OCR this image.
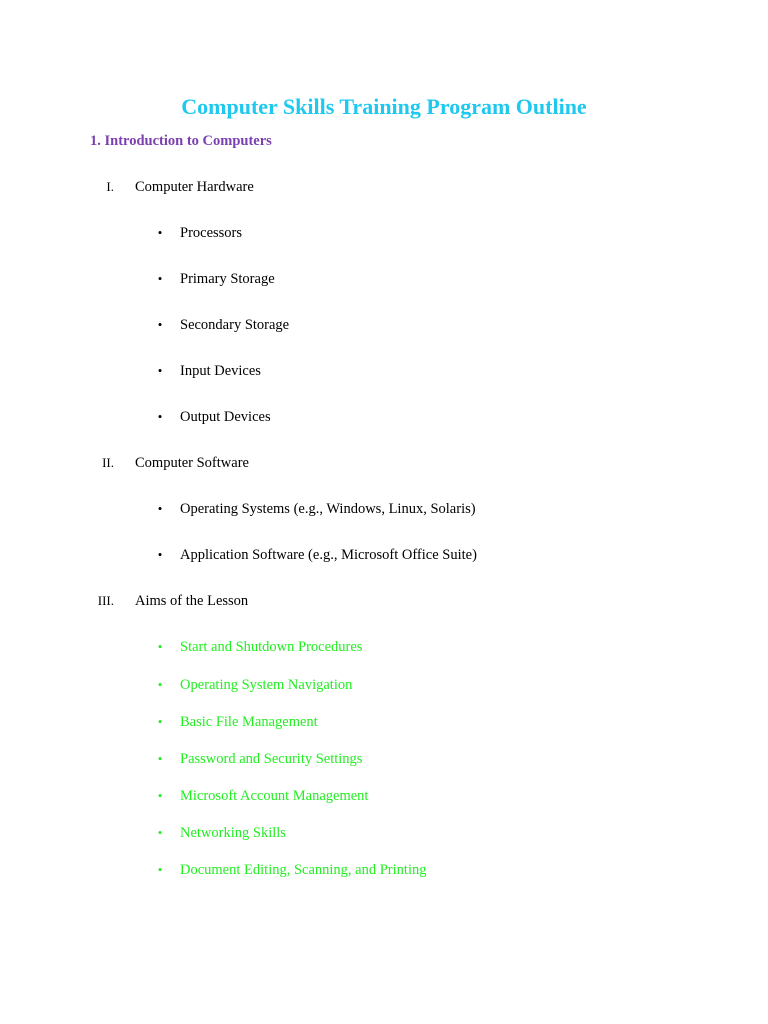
Computer Skills Training Program Outline
1. Introduction to Computers
I. Computer Hardware
• Processors
• Primary Storage
• Secondary Storage
• Input Devices
• Output Devices
II. Computer Software
• Operating Systems (e.g., Windows, Linux, Solaris)
• Application Software (e.g., Microsoft Office Suite)
III. Aims of the Lesson
• Start and Shutdown Procedures
• Operating System Navigation
• Basic File Management
• Password and Security Settings
• Microsoft Account Management
• Networking Skills
• Document Editing, Scanning, and Printing
